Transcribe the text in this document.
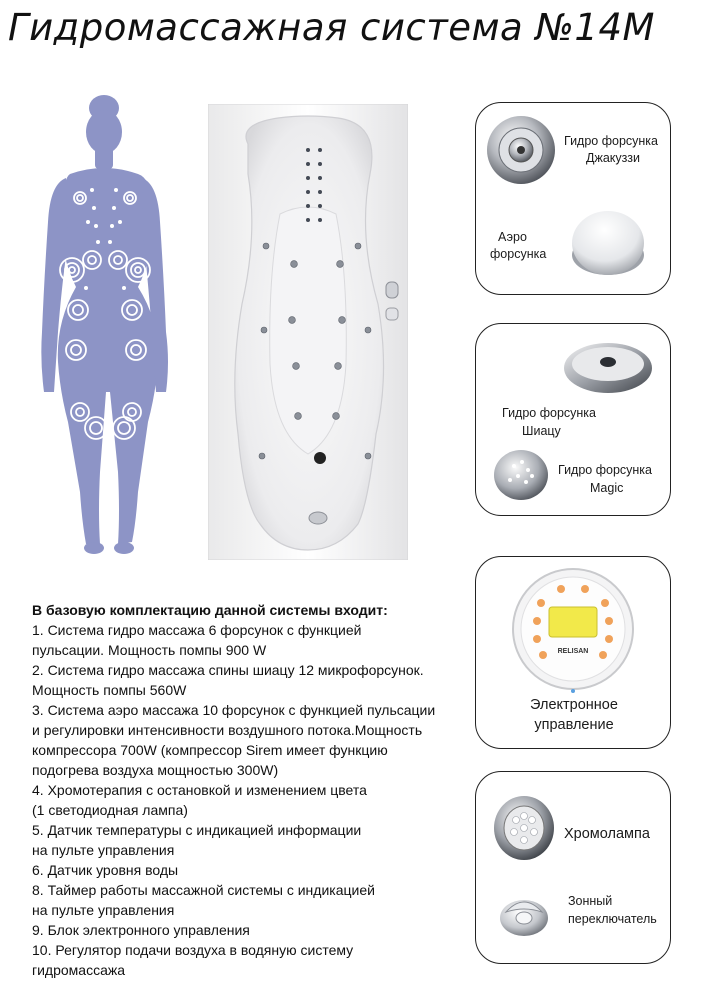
Гидромассажная система №14М
Гидро форсунка
Джакуззи
Аэро
форсунка
Гидро форсунка
Шиацу
Гидро форсунка
Magic
RELISAN
Электронное
управление
Хромолампа
Зонный
переключатель
В базовую комплектацию данной системы входит:
1. Система гидро массажа 6 форсунок с функцией
пульсации. Мощность помпы 900 W
2. Система гидро массажа спины шиацу 12 микрофорсунок.
Мощность помпы 560W
3. Система аэро массажа 10 форсунок с функцией пульсации
и регулировки интенсивности воздушного потока.Мощность
компрессора 700W (компрессор Sirem имеет функцию
подогрева воздуха мощностью 300W)
4. Хромотерапия с остановкой и изменением цвета
(1 светодиодная лампа)
5. Датчик температуры с индикацией информации
на пульте управления
6. Датчик уровня воды
8. Таймер работы массажной системы с индикацией
на пульте управления
9. Блок электронного управления
10. Регулятор подачи воздуха в водяную систему
гидромассажа
